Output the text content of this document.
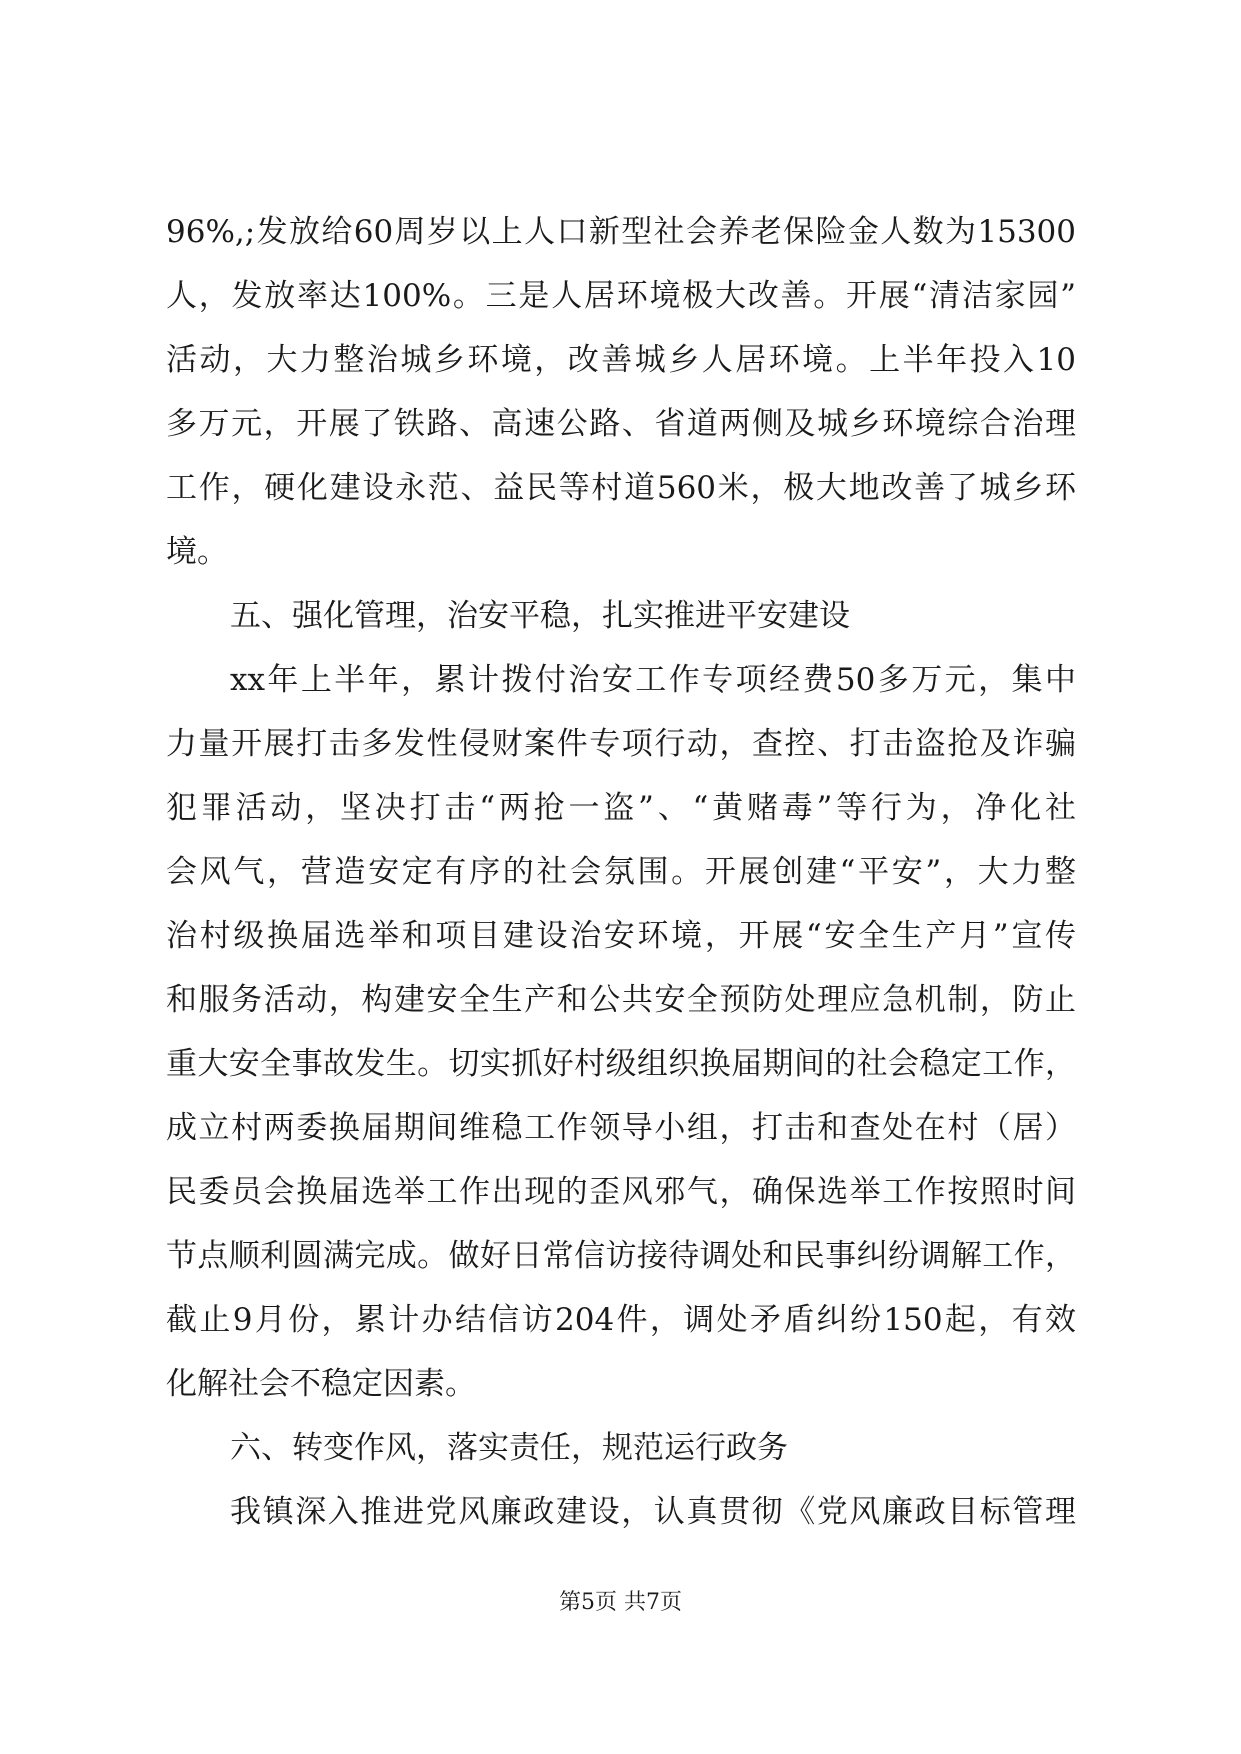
96%,;发放给60周岁以上人口新型社会养老保险金人数为15300
人，发放率达100%。三是人居环境极大改善。开展“清洁家园”
活动，大力整治城乡环境，改善城乡人居环境。上半年投入10
多万元，开展了铁路、高速公路、省道两侧及城乡环境综合治理
工作，硬化建设永范、益民等村道560米，极大地改善了城乡环
境。
五、强化管理，治安平稳，扎实推进平安建设
xx年上半年，累计拨付治安工作专项经费50多万元，集中
力量开展打击多发性侵财案件专项行动，查控、打击盗抢及诈骗
犯罪活动，坚决打击“两抢一盗”、“黄赌毒”等行为，净化社
会风气，营造安定有序的社会氛围。开展创建“平安”，大力整
治村级换届选举和项目建设治安环境，开展“安全生产月”宣传
和服务活动，构建安全生产和公共安全预防处理应急机制，防止
重大安全事故发生。切实抓好村级组织换届期间的社会稳定工作，
成立村两委换届期间维稳工作领导小组，打击和查处在村（居）
民委员会换届选举工作出现的歪风邪气，确保选举工作按照时间
节点顺利圆满完成。做好日常信访接待调处和民事纠纷调解工作，
截止9月份，累计办结信访204件，调处矛盾纠纷150起，有效
化解社会不稳定因素。
六、转变作风，落实责任，规范运行政务
我镇深入推进党风廉政建设，认真贯彻《党风廉政目标管理
第5页 共7页
